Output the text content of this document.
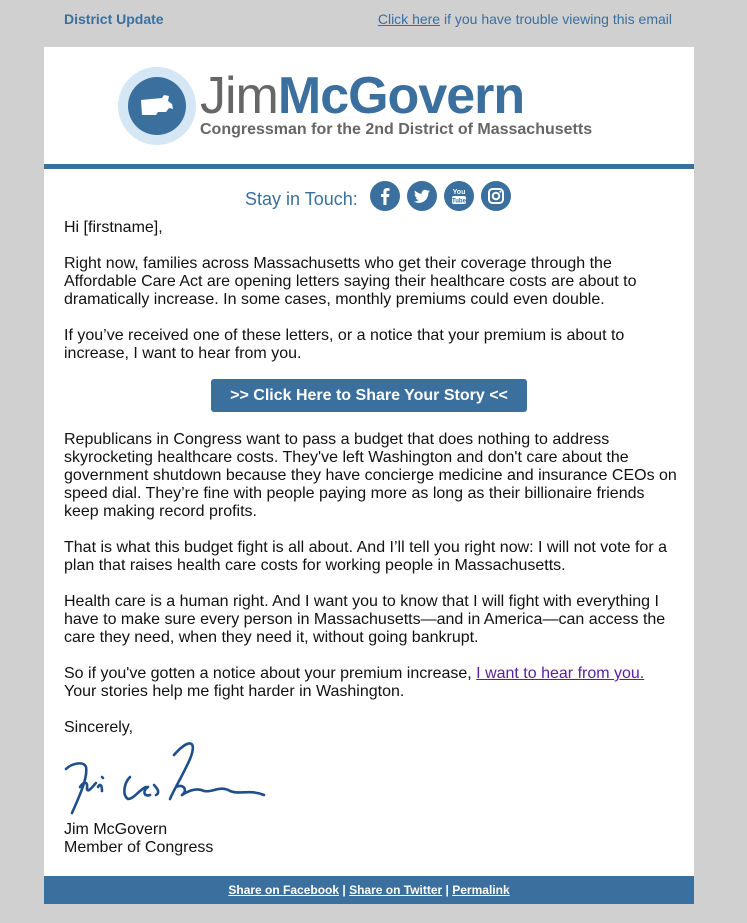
District Update	Click here if you have trouble viewing this email
JimMcGovern
Congressman for the 2nd District of Massachusetts
Stay in Touch:	You
Tube

Hi [firstname],

Right now, families across Massachusetts who get their coverage through the Affordable Care Act are opening letters saying their healthcare costs are about to dramatically increase. In some cases, monthly premiums could even double.

If you’ve received one of these letters, or a notice that your premium is about to increase, I want to hear from you.

>> Click Here to Share Your Story <<

Republicans in Congress want to pass a budget that does nothing to address skyrocketing healthcare costs. They've left Washington and don't care about the government shutdown because they have concierge medicine and insurance CEOs on speed dial. They’re fine with people paying more as long as their billionaire friends keep making record profits.

That is what this budget fight is all about. And I’ll tell you right now: I will not vote for a plan that raises health care costs for working people in Massachusetts.

Health care is a human right. And I want you to know that I will fight with everything I have to make sure every person in Massachusetts—and in America—can access the care they need, when they need it, without going bankrupt.

So if you've gotten a notice about your premium increase, I want to hear from you.
Your stories help me fight harder in Washington.

Sincerely,

Jim McGovern

Member of Congress

Share on Facebook | Share on Twitter | Permalink
